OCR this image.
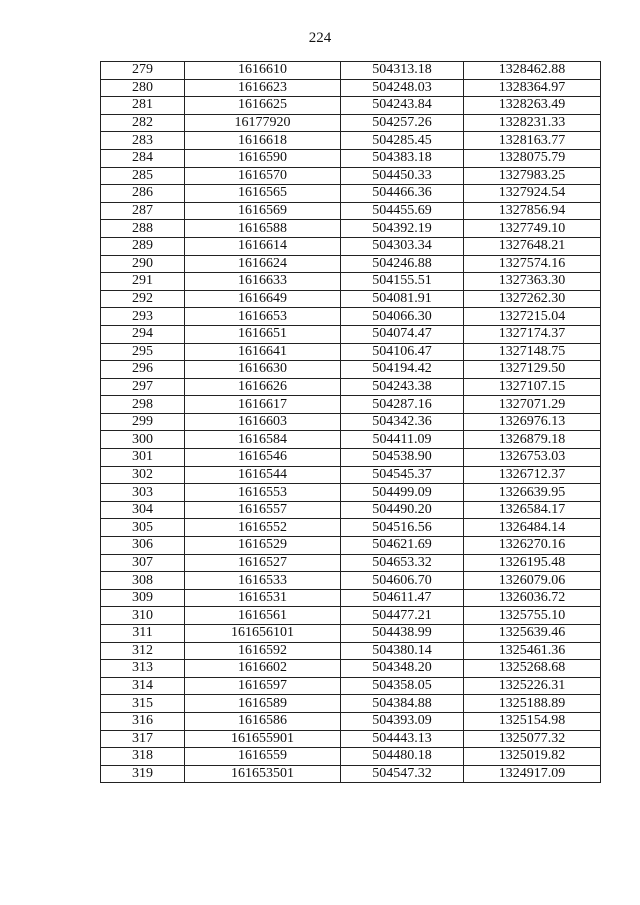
224
279	1616610	504313.18	1328462.88
280	1616623	504248.03	1328364.97
281	1616625	504243.84	1328263.49
282	16177920	504257.26	1328231.33
283	1616618	504285.45	1328163.77
284	1616590	504383.18	1328075.79
285	1616570	504450.33	1327983.25
286	1616565	504466.36	1327924.54
287	1616569	504455.69	1327856.94
288	1616588	504392.19	1327749.10
289	1616614	504303.34	1327648.21
290	1616624	504246.88	1327574.16
291	1616633	504155.51	1327363.30
292	1616649	504081.91	1327262.30
293	1616653	504066.30	1327215.04
294	1616651	504074.47	1327174.37
295	1616641	504106.47	1327148.75
296	1616630	504194.42	1327129.50
297	1616626	504243.38	1327107.15
298	1616617	504287.16	1327071.29
299	1616603	504342.36	1326976.13
300	1616584	504411.09	1326879.18
301	1616546	504538.90	1326753.03
302	1616544	504545.37	1326712.37
303	1616553	504499.09	1326639.95
304	1616557	504490.20	1326584.17
305	1616552	504516.56	1326484.14
306	1616529	504621.69	1326270.16
307	1616527	504653.32	1326195.48
308	1616533	504606.70	1326079.06
309	1616531	504611.47	1326036.72
310	1616561	504477.21	1325755.10
311	161656101	504438.99	1325639.46
312	1616592	504380.14	1325461.36
313	1616602	504348.20	1325268.68
314	1616597	504358.05	1325226.31
315	1616589	504384.88	1325188.89
316	1616586	504393.09	1325154.98
317	161655901	504443.13	1325077.32
318	1616559	504480.18	1325019.82
319	161653501	504547.32	1324917.09
